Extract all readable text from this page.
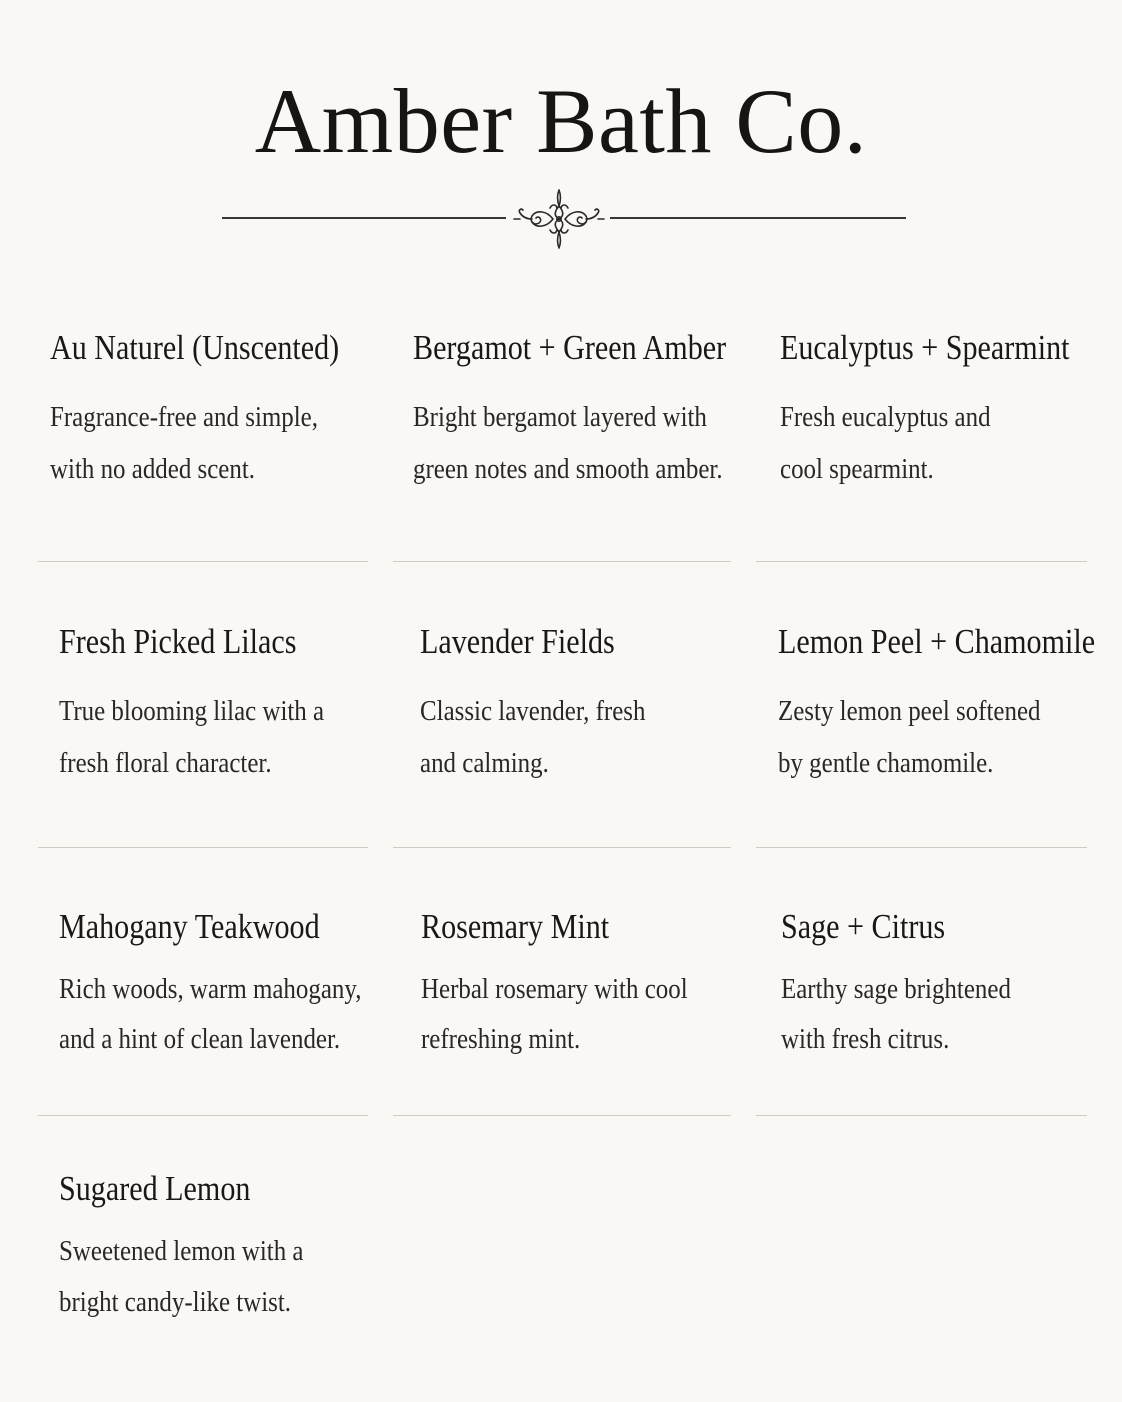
Amber Bath Co.
Au Naturel (Unscented)
Fragrance-free and simple,
with no added scent.
Bergamot + Green Amber
Bright bergamot layered with
green notes and smooth amber.
Eucalyptus + Spearmint
Fresh eucalyptus and
cool spearmint.
Fresh Picked Lilacs
True blooming lilac with a
fresh floral character.
Lavender Fields
Classic lavender, fresh
and calming.
Lemon Peel + Chamomile
Zesty lemon peel softened
by gentle chamomile.
Mahogany Teakwood
Rich woods, warm mahogany,
and a hint of clean lavender.
Rosemary Mint
Herbal rosemary with cool
refreshing mint.
Sage + Citrus
Earthy sage brightened
with fresh citrus.
Sugared Lemon
Sweetened lemon with a
bright candy-like twist.
